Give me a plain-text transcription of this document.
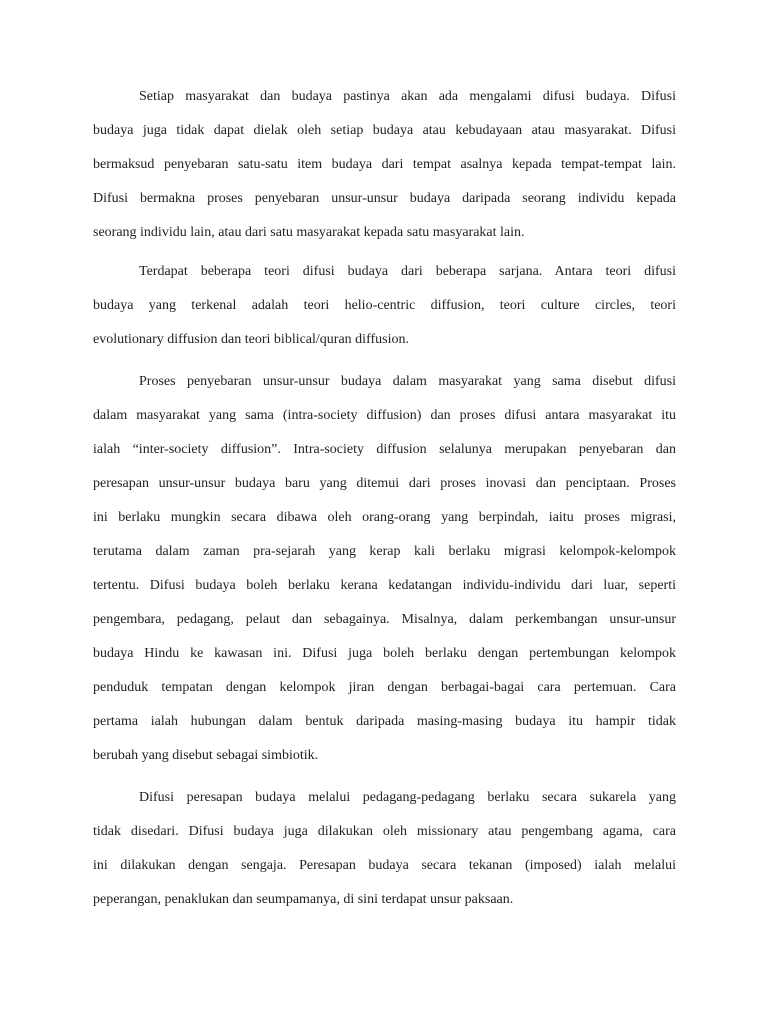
Setiap masyarakat dan budaya pastinya akan ada mengalami difusi budaya. Difusi
budaya juga tidak dapat dielak oleh setiap budaya atau kebudayaan atau masyarakat. Difusi
bermaksud penyebaran satu-satu item budaya dari tempat asalnya kepada tempat-tempat lain.
Difusi bermakna proses penyebaran unsur-unsur budaya daripada seorang individu kepada
seorang individu lain, atau dari satu masyarakat kepada satu masyarakat lain.
Terdapat beberapa teori difusi budaya dari beberapa sarjana. Antara teori difusi
budaya yang terkenal adalah teori helio-centric diffusion, teori culture circles, teori
evolutionary diffusion dan teori biblical/quran diffusion.
Proses penyebaran unsur-unsur budaya dalam masyarakat yang sama disebut difusi
dalam masyarakat yang sama (intra-society diffusion) dan proses difusi antara masyarakat itu
ialah “inter-society diffusion”. Intra-society diffusion selalunya merupakan penyebaran dan
peresapan unsur-unsur budaya baru yang ditemui dari proses inovasi dan penciptaan. Proses
ini berlaku mungkin secara dibawa oleh orang-orang yang berpindah, iaitu proses migrasi,
terutama dalam zaman pra-sejarah yang kerap kali berlaku migrasi kelompok-kelompok
tertentu. Difusi budaya boleh berlaku kerana kedatangan individu-individu dari luar, seperti
pengembara, pedagang, pelaut dan sebagainya. Misalnya, dalam perkembangan unsur-unsur
budaya Hindu ke kawasan ini. Difusi juga boleh berlaku dengan pertembungan kelompok
penduduk tempatan dengan kelompok jiran dengan berbagai-bagai cara pertemuan. Cara
pertama ialah hubungan dalam bentuk daripada masing-masing budaya itu hampir tidak
berubah yang disebut sebagai simbiotik.
Difusi peresapan budaya melalui pedagang-pedagang berlaku secara sukarela yang
tidak disedari. Difusi budaya juga dilakukan oleh missionary atau pengembang agama, cara
ini dilakukan dengan sengaja. Peresapan budaya secara tekanan (imposed) ialah melalui
peperangan, penaklukan dan seumpamanya, di sini terdapat unsur paksaan.
